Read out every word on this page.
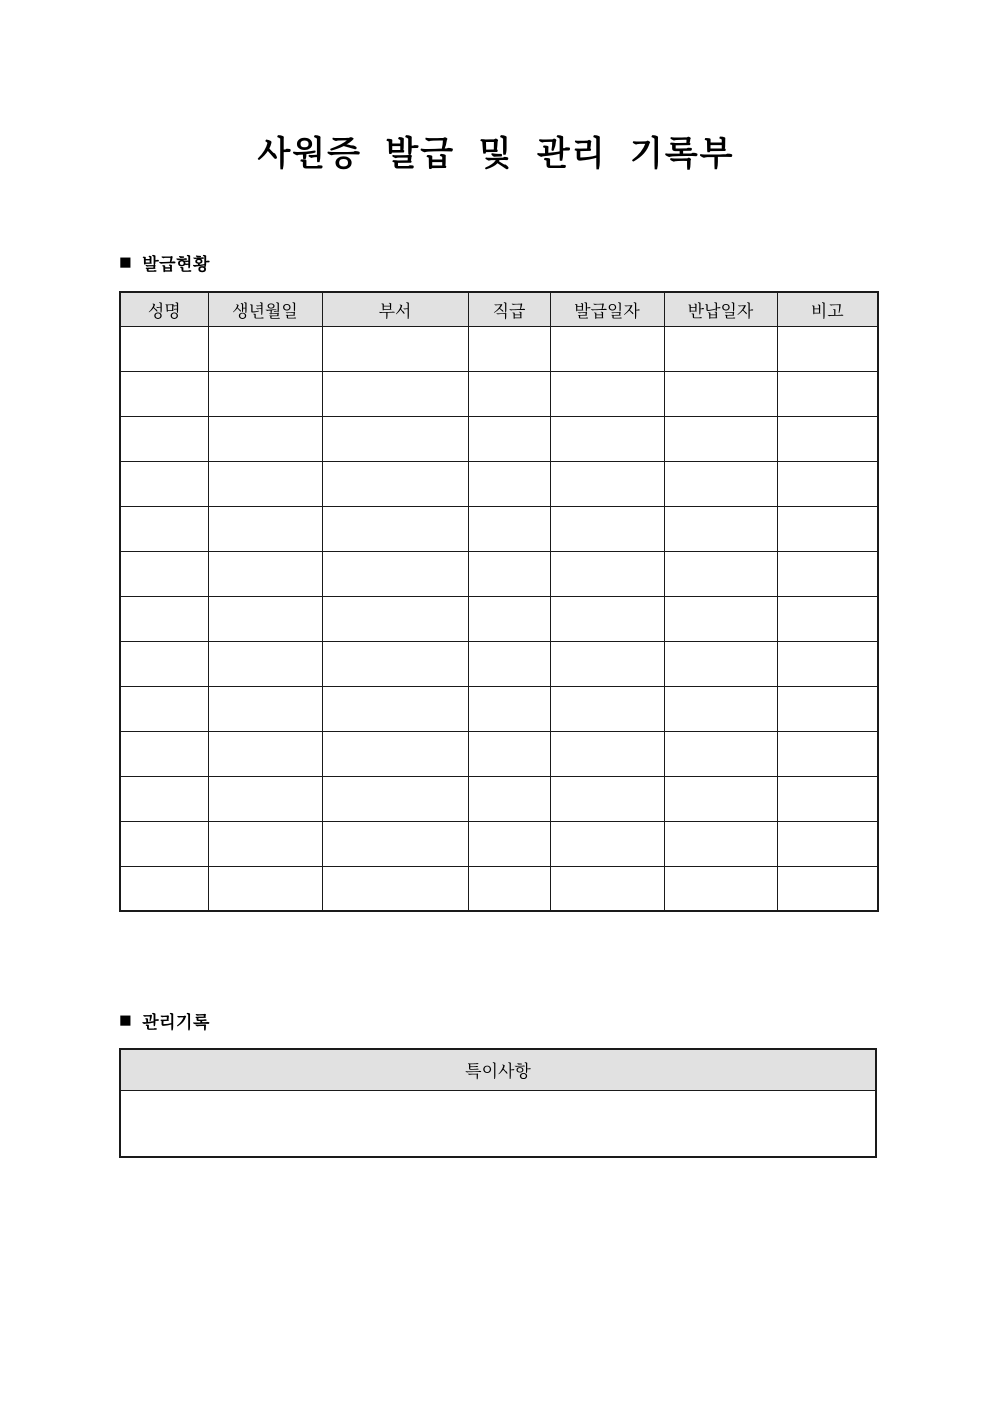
사원증 발급 및 관리 기록부
■ 발급현황
성명	생년월일	부서	직급	발급일자	반납일자	비고

■ 관리기록
특이사항
